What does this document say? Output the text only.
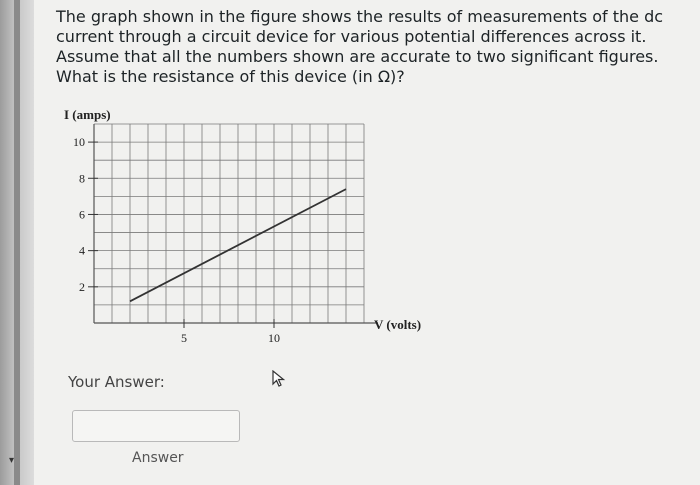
▾
The graph shown in the figure shows the results of measurements of the dc current through a circuit device for various potential differences across it. Assume that all the numbers shown are accurate to two significant figures. What is the resistance of this device (in Ω)?
2
4
6
8
10
5	10
I (amps)
V (volts)
Your Answer:
Answer
